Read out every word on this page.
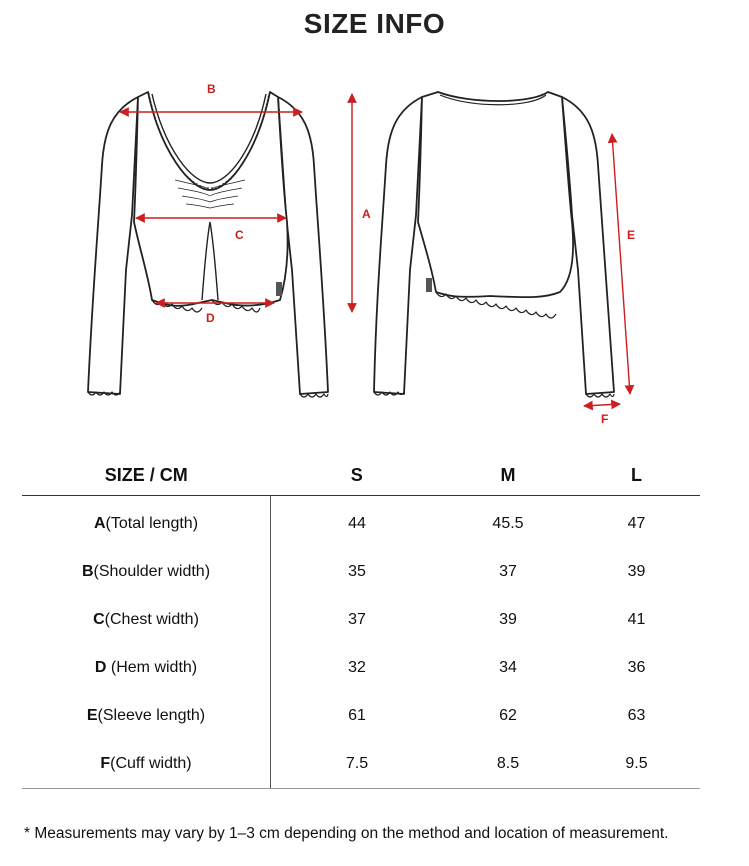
SIZE INFO
B
C
D
A
E
F
SIZE / CM	S	M	L
A(Total length)	44	45.5	47
B(Shoulder width)	35	37	39
C(Chest width)	37	39	41
D (Hem width)	32	34	36
E(Sleeve length)	61	62	63
F(Cuff width)	7.5	8.5	9.5
* Measurements may vary by 1–3 cm depending on the method and location of measurement.
